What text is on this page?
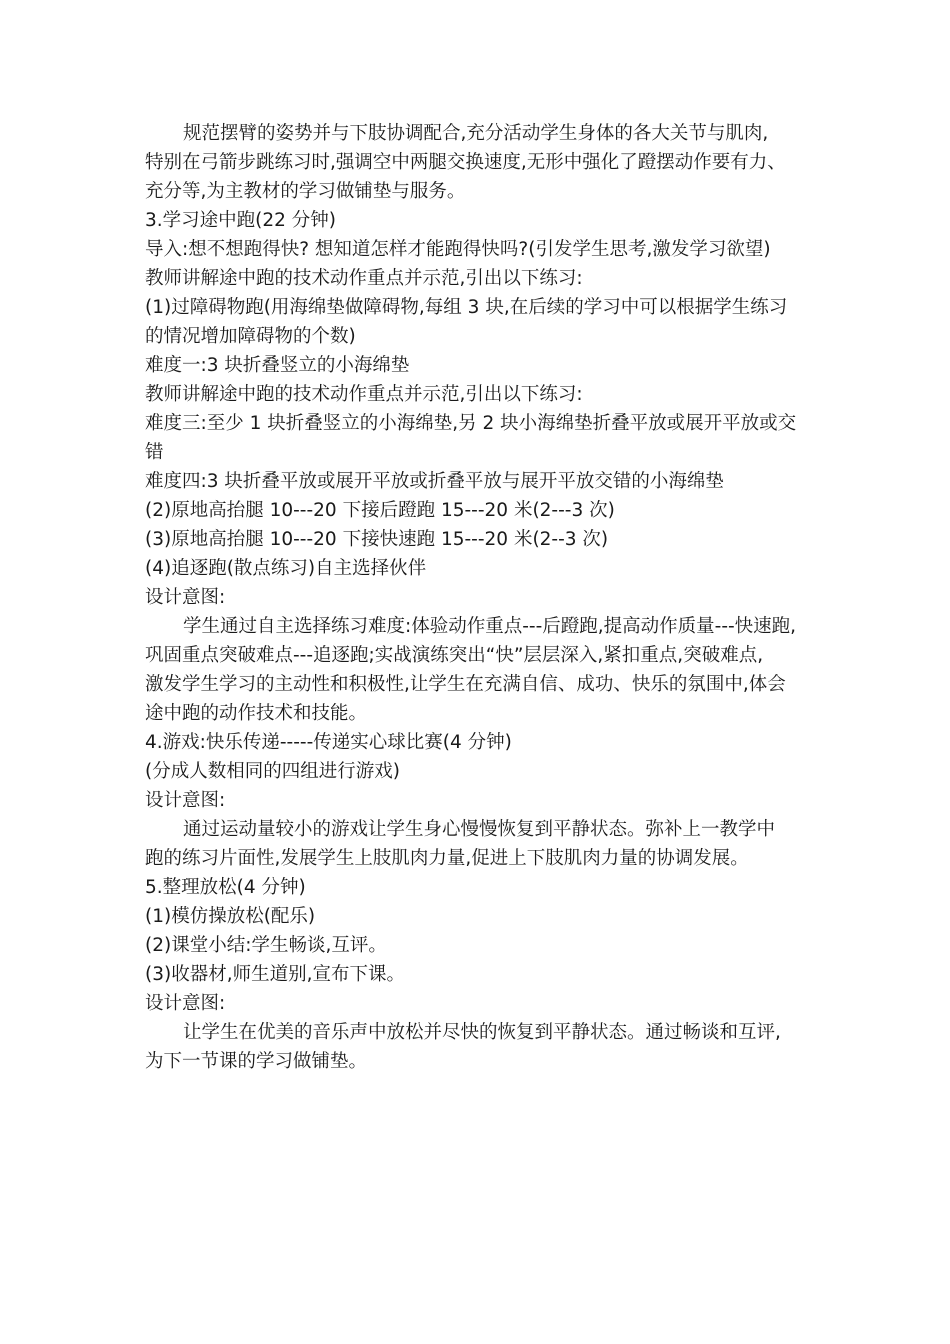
规范摆臂的姿势并与下肢协调配合,充分活动学生身体的各大关节与肌肉,
特别在弓箭步跳练习时,强调空中两腿交换速度,无形中强化了蹬摆动作要有力、
充分等,为主教材的学习做铺垫与服务。
3.学习途中跑(22 分钟)
导入:想不想跑得快? 想知道怎样才能跑得快吗?(引发学生思考,激发学习欲望)
教师讲解途中跑的技术动作重点并示范,引出以下练习:
(1)过障碍物跑(用海绵垫做障碍物,每组 3 块,在后续的学习中可以根据学生练习
的情况增加障碍物的个数)
难度一:3 块折叠竖立的小海绵垫
教师讲解途中跑的技术动作重点并示范,引出以下练习:
难度三:至少 1 块折叠竖立的小海绵垫,另 2 块小海绵垫折叠平放或展开平放或交
错
难度四:3 块折叠平放或展开平放或折叠平放与展开平放交错的小海绵垫
(2)原地高抬腿 10---20 下接后蹬跑 15---20 米(2---3 次)
(3)原地高抬腿 10---20 下接快速跑 15---20 米(2--3 次)
(4)追逐跑(散点练习)自主选择伙伴
设计意图:
学生通过自主选择练习难度:体验动作重点---后蹬跑,提高动作质量---快速跑,
巩固重点突破难点---追逐跑;实战演练突出“快”层层深入,紧扣重点,突破难点,
激发学生学习的主动性和积极性,让学生在充满自信、成功、快乐的氛围中,体会
途中跑的动作技术和技能。
4.游戏:快乐传递-----传递实心球比赛(4 分钟)
(分成人数相同的四组进行游戏)
设计意图:
通过运动量较小的游戏让学生身心慢慢恢复到平静状态。弥补上一教学中
跑的练习片面性,发展学生上肢肌肉力量,促进上下肢肌肉力量的协调发展。
5.整理放松(4 分钟)
(1)模仿操放松(配乐)
(2)课堂小结:学生畅谈,互评。
(3)收器材,师生道别,宣布下课。
设计意图:
让学生在优美的音乐声中放松并尽快的恢复到平静状态。通过畅谈和互评,
为下一节课的学习做铺垫。
